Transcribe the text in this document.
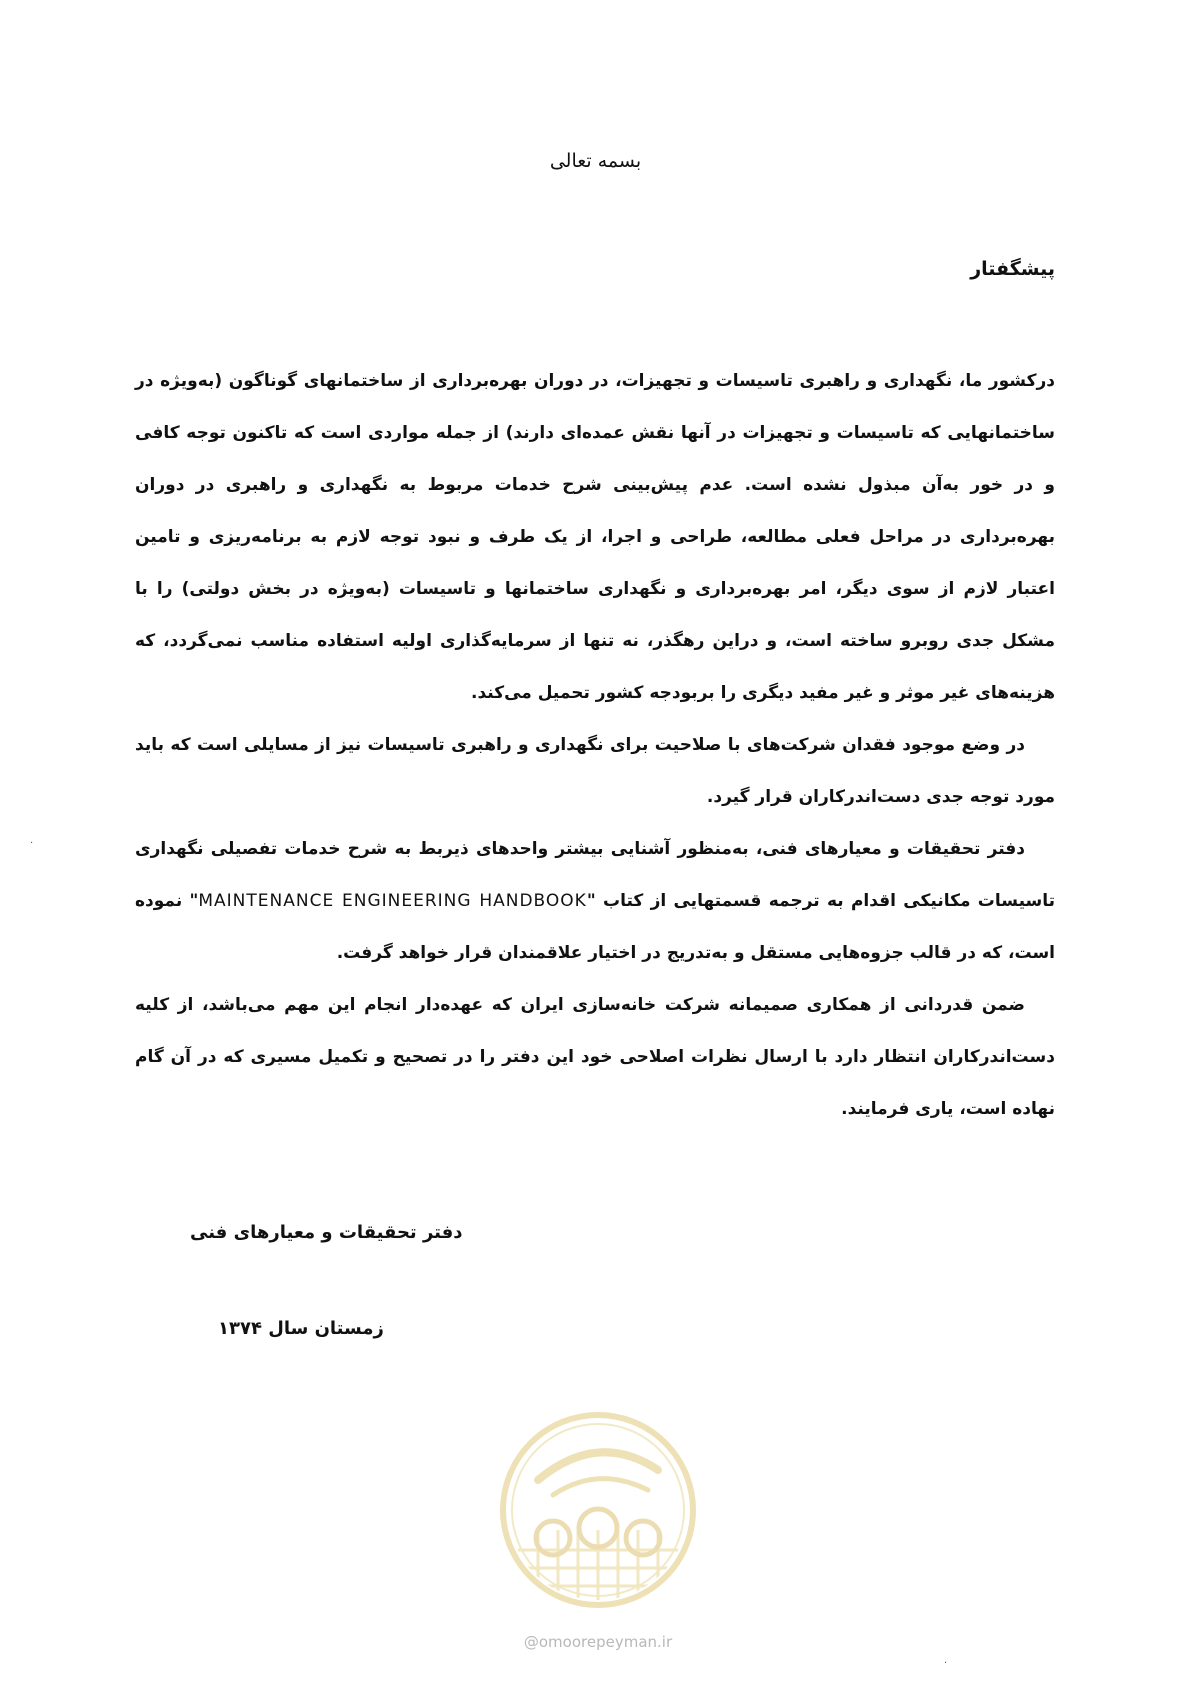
بسمه تعالی
پیشگفتار

درکشور ما، نگهداری و راهبری تاسیسات و تجهیزات، در دوران بهره‌برداری از ساختمانهای گوناگون (به‌ویژه در ساختمانهایی که تاسیسات و تجهیزات در آنها نقش عمده‌ای دارند) از جمله مواردی است که تاکنون توجه کافی و در خور به‌آن مبذول نشده است. عدم پیش‌بینی شرح خدمات مربوط به نگهداری و راهبری در دوران بهره‌برداری در مراحل فعلی مطالعه، طراحی و اجرا، از یک طرف و نبود توجه لازم به برنامه‌ریزی و تامین اعتبار لازم از سوی دیگر، امر بهره‌برداری و نگهداری ساختمانها و تاسیسات (به‌ویژه در بخش دولتی) را با مشکل جدی روبرو ساخته است، و دراین رهگذر، نه تنها از سرمایه‌گذاری اولیه استفاده مناسب نمی‌گردد، که هزینه‌های غیر موثر و غیر مفید دیگری را بربودجه کشور تحمیل می‌کند.

در وضع موجود فقدان شرکت‌های با صلاحیت برای نگهداری و راهبری تاسیسات نیز از مسایلی است که باید مورد توجه جدی دست‌اندرکاران قرار گیرد.

دفتر تحقیقات و معیارهای فنی، به‌منظور آشنایی بیشتر واحدهای ذیربط به شرح خدمات تفصیلی نگهداری تاسیسات مکانیکی اقدام به ترجمه قسمتهایی از کتاب "MAINTENANCE ENGINEERING HANDBOOK" نموده است، که در قالب جزوه‌هایی مستقل و به‌تدریج در اختیار علاقمندان قرار خواهد گرفت.

ضمن قدردانی از همکاری صمیمانه شرکت خانه‌سازی ایران که عهده‌دار انجام این مهم می‌باشد، از کلیه دست‌اندرکاران انتظار دارد با ارسال نظرات اصلاحی خود این دفتر را در تصحیح و تکمیل مسیری که در آن گام نهاده است، یاری فرمایند.

دفتر تحقیقات و معیارهای فنی
زمستان سال ۱۳۷۴
@omoorepeyman.ir
·
·
